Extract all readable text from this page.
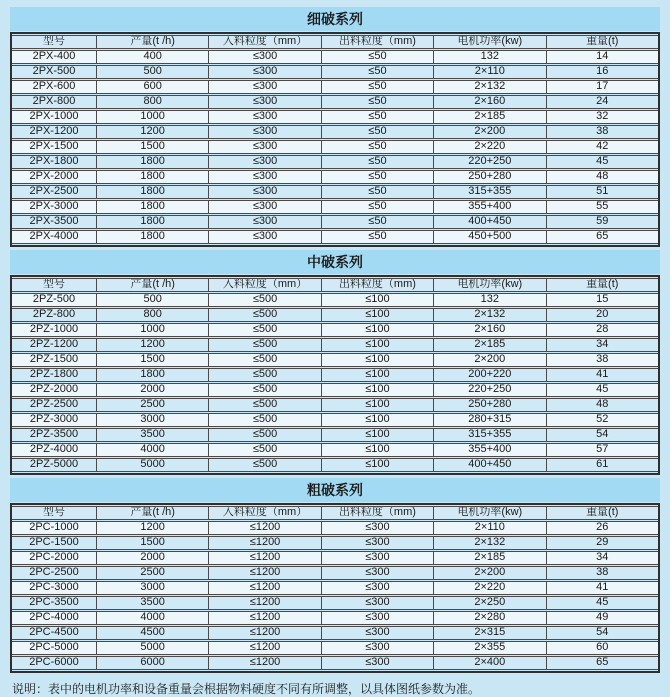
细破系列
型号	产量(t /h)	入料粒度（mm）	出料粒度（mm)	电机功率(kw)	重量(t)
2PX-400	400	≤300	≤50	132	14
2PX-500	500	≤300	≤50	2×110	16
2PX-600	600	≤300	≤50	2×132	17
2PX-800	800	≤300	≤50	2×160	24
2PX-1000	1000	≤300	≤50	2×185	32
2PX-1200	1200	≤300	≤50	2×200	38
2PX-1500	1500	≤300	≤50	2×220	42
2PX-1800	1800	≤300	≤50	220+250	45
2PX-2000	1800	≤300	≤50	250+280	48
2PX-2500	1800	≤300	≤50	315+355	51
2PX-3000	1800	≤300	≤50	355+400	55
2PX-3500	1800	≤300	≤50	400+450	59
2PX-4000	1800	≤300	≤50	450+500	65
中破系列
型号	产量(t /h)	入料粒度（mm）	出料粒度（mm)	电机功率(kw)	重量(t)
2PZ-500	500	≤500	≤100	132	15
2PZ-800	800	≤500	≤100	2×132	20
2PZ-1000	1000	≤500	≤100	2×160	28
2PZ-1200	1200	≤500	≤100	2×185	34
2PZ-1500	1500	≤500	≤100	2×200	38
2PZ-1800	1800	≤500	≤100	200+220	41
2PZ-2000	2000	≤500	≤100	220+250	45
2PZ-2500	2500	≤500	≤100	250+280	48
2PZ-3000	3000	≤500	≤100	280+315	52
2PZ-3500	3500	≤500	≤100	315+355	54
2PZ-4000	4000	≤500	≤100	355+400	57
2PZ-5000	5000	≤500	≤100	400+450	61
粗破系列
型号	产量(t /h)	入料粒度（mm）	出料粒度（mm)	电机功率(kw)	重量(t)
2PC-1000	1200	≤1200	≤300	2×110	26
2PC-1500	1500	≤1200	≤300	2×132	29
2PC-2000	2000	≤1200	≤300	2×185	34
2PC-2500	2500	≤1200	≤300	2×200	38
2PC-3000	3000	≤1200	≤300	2×220	41
2PC-3500	3500	≤1200	≤300	2×250	45
2PC-4000	4000	≤1200	≤300	2×280	49
2PC-4500	4500	≤1200	≤300	2×315	54
2PC-5000	5000	≤1200	≤300	2×355	60
2PC-6000	6000	≤1200	≤300	2×400	65
说明：表中的电机功率和设备重量会根据物料硬度不同有所调整，以具体图纸参数为准。
